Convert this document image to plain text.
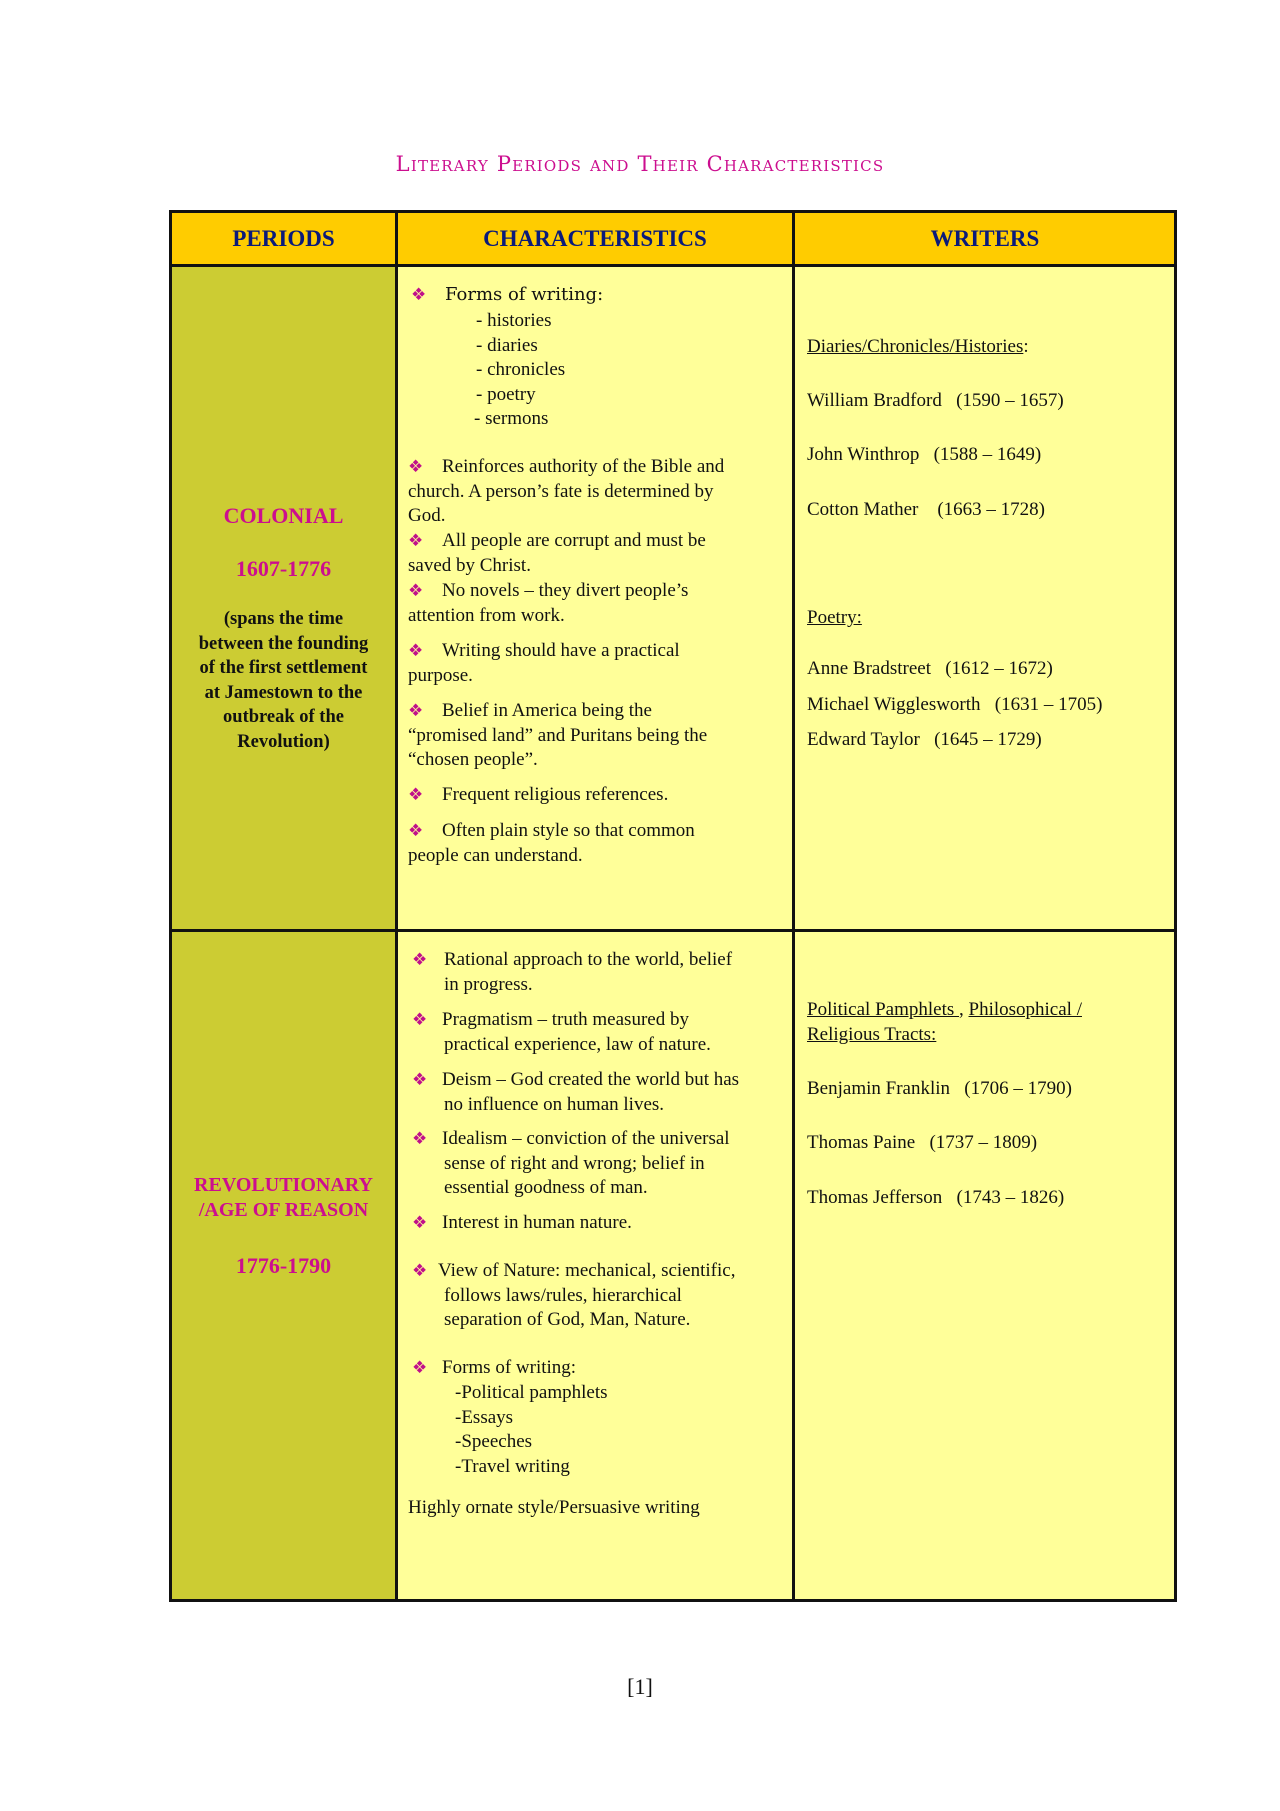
Literary Periods and Their Characteristics
PERIODS	CHARACTERISTICS	WRITERS
COLONIAL
1607-1776
(spans the time
between the founding
of the first settlement
at Jamestown to the
outbreak of the
Revolution)
❖ Forms of writing:
- histories
- diaries
- chronicles
- poetry
- sermons
❖ Reinforces authority of the Bible and
church. A person’s fate is determined by
God.
❖ All people are corrupt and must be
saved by Christ.
❖ No novels – they divert people’s
attention from work.
❖ Writing should have a practical
purpose.
❖ Belief in America being the
“promised land” and Puritans being the
“chosen people”.
❖ Frequent religious references.
❖ Often plain style so that common
people can understand.
Diaries/Chronicles/Histories:
William Bradford (1590 – 1657)
John Winthrop (1588 – 1649)
Cotton Mather (1663 – 1728)
Poetry:
Anne Bradstreet (1612 – 1672)
Michael Wigglesworth (1631 – 1705)
Edward Taylor (1645 – 1729)
REVOLUTIONARY
/AGE OF REASON
1776-1790
❖ Rational approach to the world, belief
in progress.
❖ Pragmatism – truth measured by
practical experience, law of nature.
❖ Deism – God created the world but has
no influence on human lives.
❖ Idealism – conviction of the universal
sense of right and wrong; belief in
essential goodness of man.
❖ Interest in human nature.
❖ View of Nature: mechanical, scientific,
follows laws/rules, hierarchical
separation of God, Man, Nature.
❖ Forms of writing:
-Political pamphlets
-Essays
-Speeches
-Travel writing
Highly ornate style/Persuasive writing
Political Pamphlets , Philosophical /
Religious Tracts:
Benjamin Franklin (1706 – 1790)
Thomas Paine (1737 – 1809)
Thomas Jefferson (1743 – 1826)
[1]
